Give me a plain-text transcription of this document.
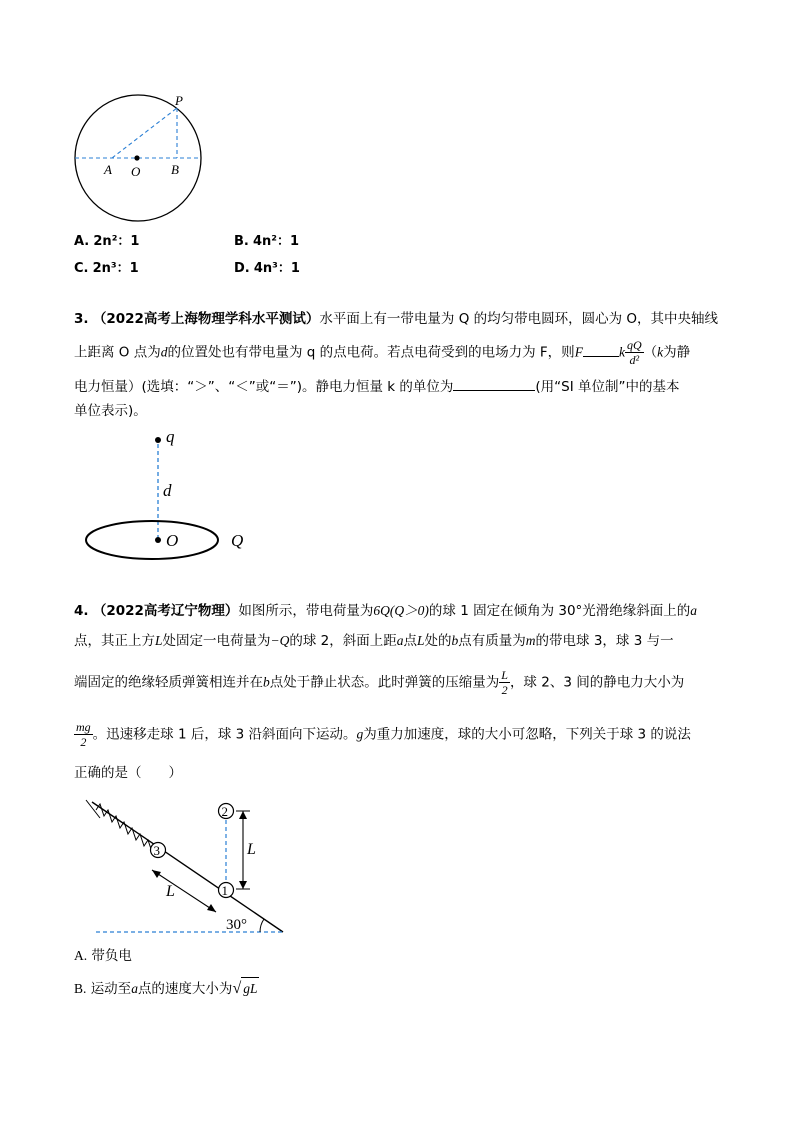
P
A O B
A. 2n²：1	B. 4n²：1
C. 2n³：1	D. 4n³：1
3. （2022高考上海物理学科水平测试）水平面上有一带电量为 Q 的均匀带电圆环，圆心为 O，其中央轴线
上距离 O 点为d的位置处也有带电量为 q 的点电荷。若点电荷受到的电场力为 F，则F	k $\frac{qQ}{\text{d²}} (k$为静
电力恒量）(选填：“＞”、“＜”或“＝”)。静电力恒量 k 的单位为	(用“SI 单位制”中的基本
单位表示)。
q
d
O	Q
4. （2022高考辽宁物理）如图所示，带电荷量为6Q(Q＞0)的球 1 固定在倾角为 30°光滑绝缘斜面上的a
点，其正上方L处固定一电荷量为−Q的球 2，斜面上距a点L处的b点有质量为m的带电球 3，球 3 与一
端固定的绝缘轻质弹簧相连并在b点处于静止状态。此时弹簧的压缩量为 $\frac{L}{2}$ ，球 2、3 间的静电力大小为
$\frac{mg}{2}$ 。迅速移走球 1 后，球 3 沿斜面向下运动。g为重力加速度，球的大小可忽略，下列关于球 3 的说法
正确的是（　　）
3
L	1
2
L
30°
A. 带负电
B. 运动至a点的速度大小为√ gL
